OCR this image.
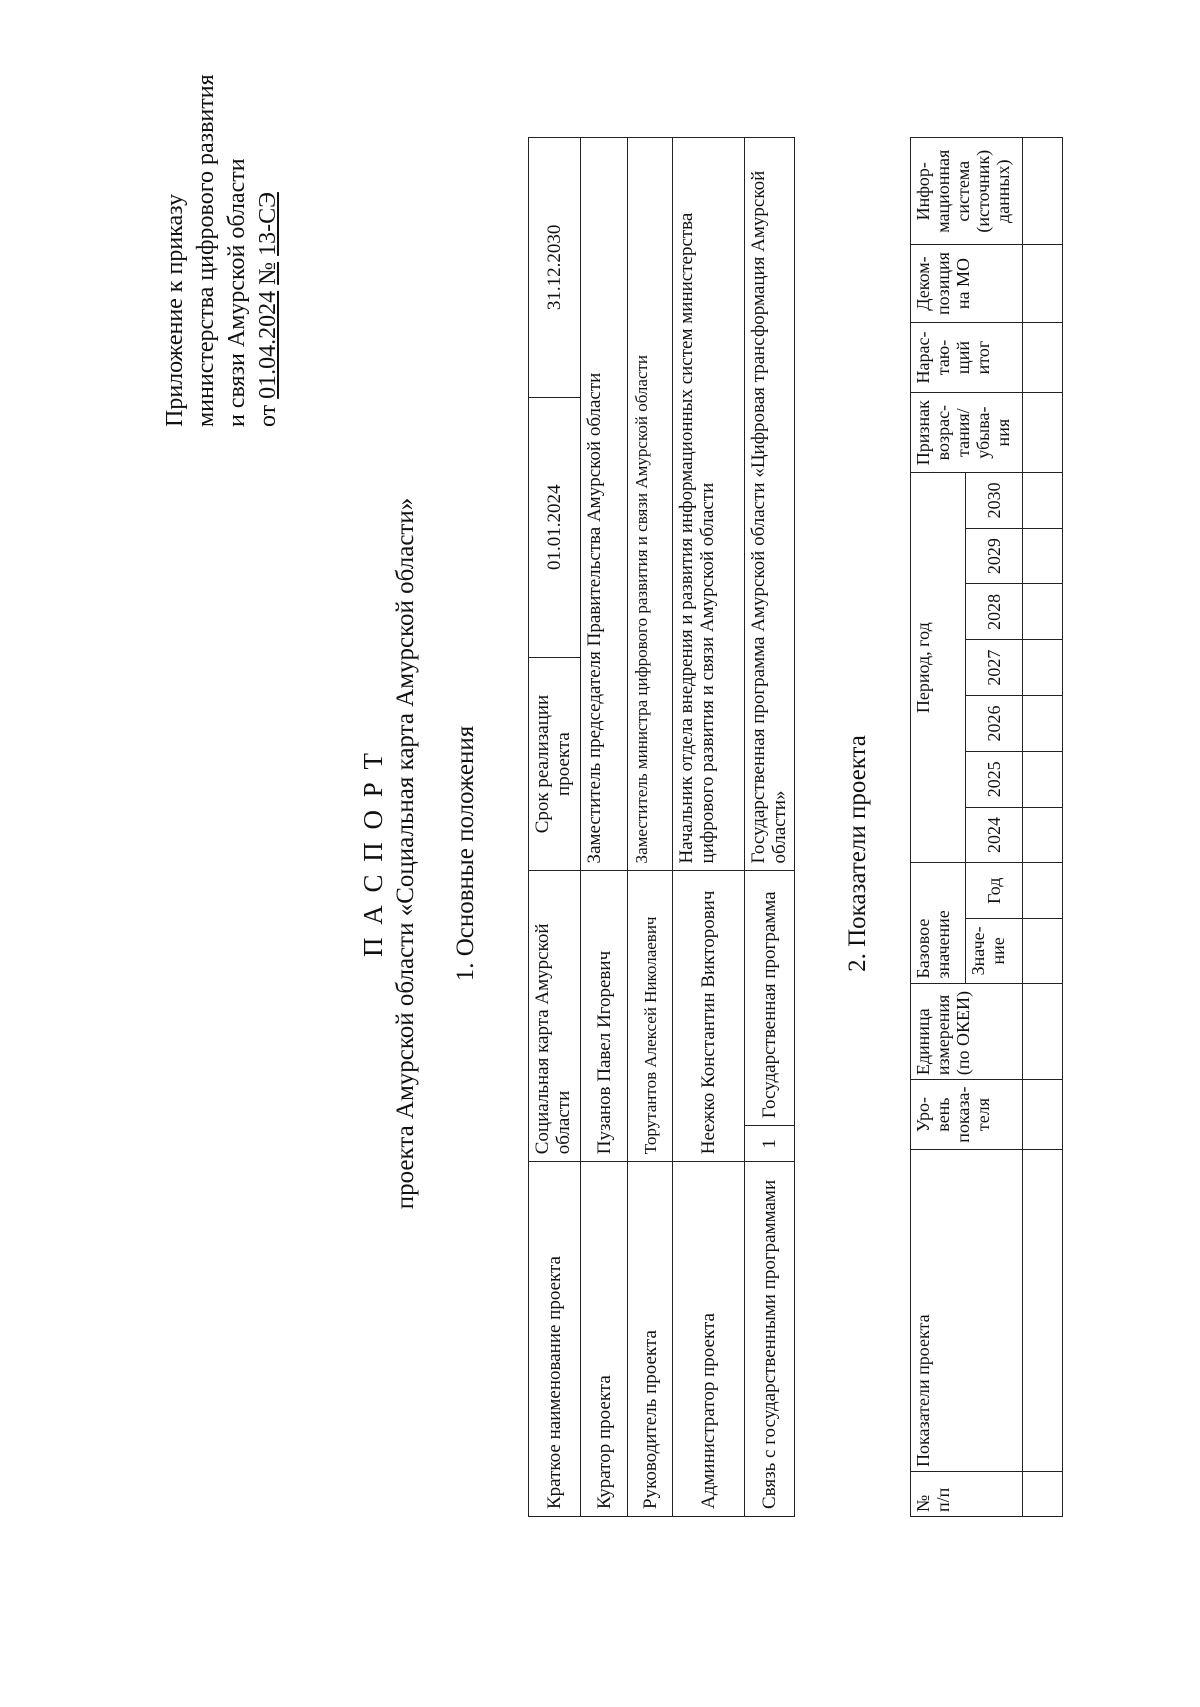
Приложение к приказу министерства цифрового развития и связи Амурской области от 01.04.2024 № 13-СЭ
П А С П О Р Т проекта Амурской области «Социальная карта Амурской области» 1. Основные положения
Краткое наименование проекта	Социальная карта Амурской области		Срок реализации проекта	01.01.2024	31.12.2030
Куратор проекта	Пузанов Павел Игоревич		Заместитель председателя Правительства Амурской области		
Руководитель проекта	Торутантов Алексей Николаевич		Заместитель министра цифрового развития и связи Амурской области		
Администратор проекта	Неежко Константин Викторович		Начальник отдела внедрения и развития информационных систем министерства цифрового развития и связи Амурской области		
Связь с государственными программами	1	Государственная программа	Государственная программа Амурской области «Цифровая трансформация Амурской области»		2. Показатели проекта
№ п/п	Показатели проекта	Уро-вень показа-теля	Единица измерения (по ОКЕИ)	Базовое значение		Период, год							Признак возрас-тания/ убыва-ния	Нарас-таю-щий итог	Деком-позиция на МО	Инфор-мационная система (источник) данных)
				Значе-ние	Год	2024	2025	2026	2027	2028	2029	2030				
